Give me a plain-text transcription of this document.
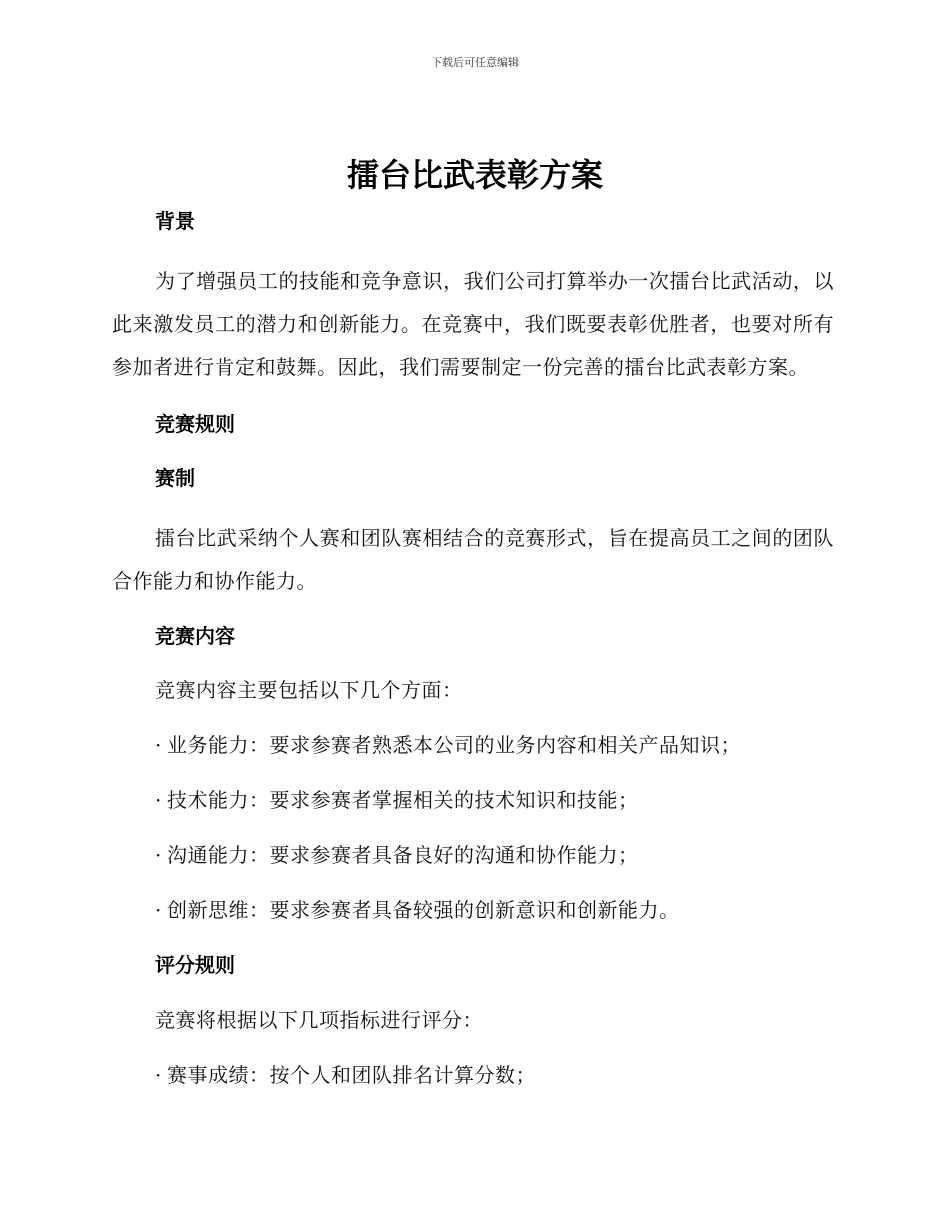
下载后可任意编辑
擂台比武表彰方案
背景
为了增强员工的技能和竞争意识，我们公司打算举办一次擂台比武活动，以此来激发员工的潜力和创新能力。在竞赛中，我们既要表彰优胜者，也要对所有参加者进行肯定和鼓舞。因此，我们需要制定一份完善的擂台比武表彰方案。
竞赛规则
赛制
擂台比武采纳个人赛和团队赛相结合的竞赛形式，旨在提高员工之间的团队合作能力和协作能力。
竞赛内容
竞赛内容主要包括以下几个方面：
· 业务能力：要求参赛者熟悉本公司的业务内容和相关产品知识；
· 技术能力：要求参赛者掌握相关的技术知识和技能；
· 沟通能力：要求参赛者具备良好的沟通和协作能力；
· 创新思维：要求参赛者具备较强的创新意识和创新能力。
评分规则
竞赛将根据以下几项指标进行评分：
· 赛事成绩：按个人和团队排名计算分数；
